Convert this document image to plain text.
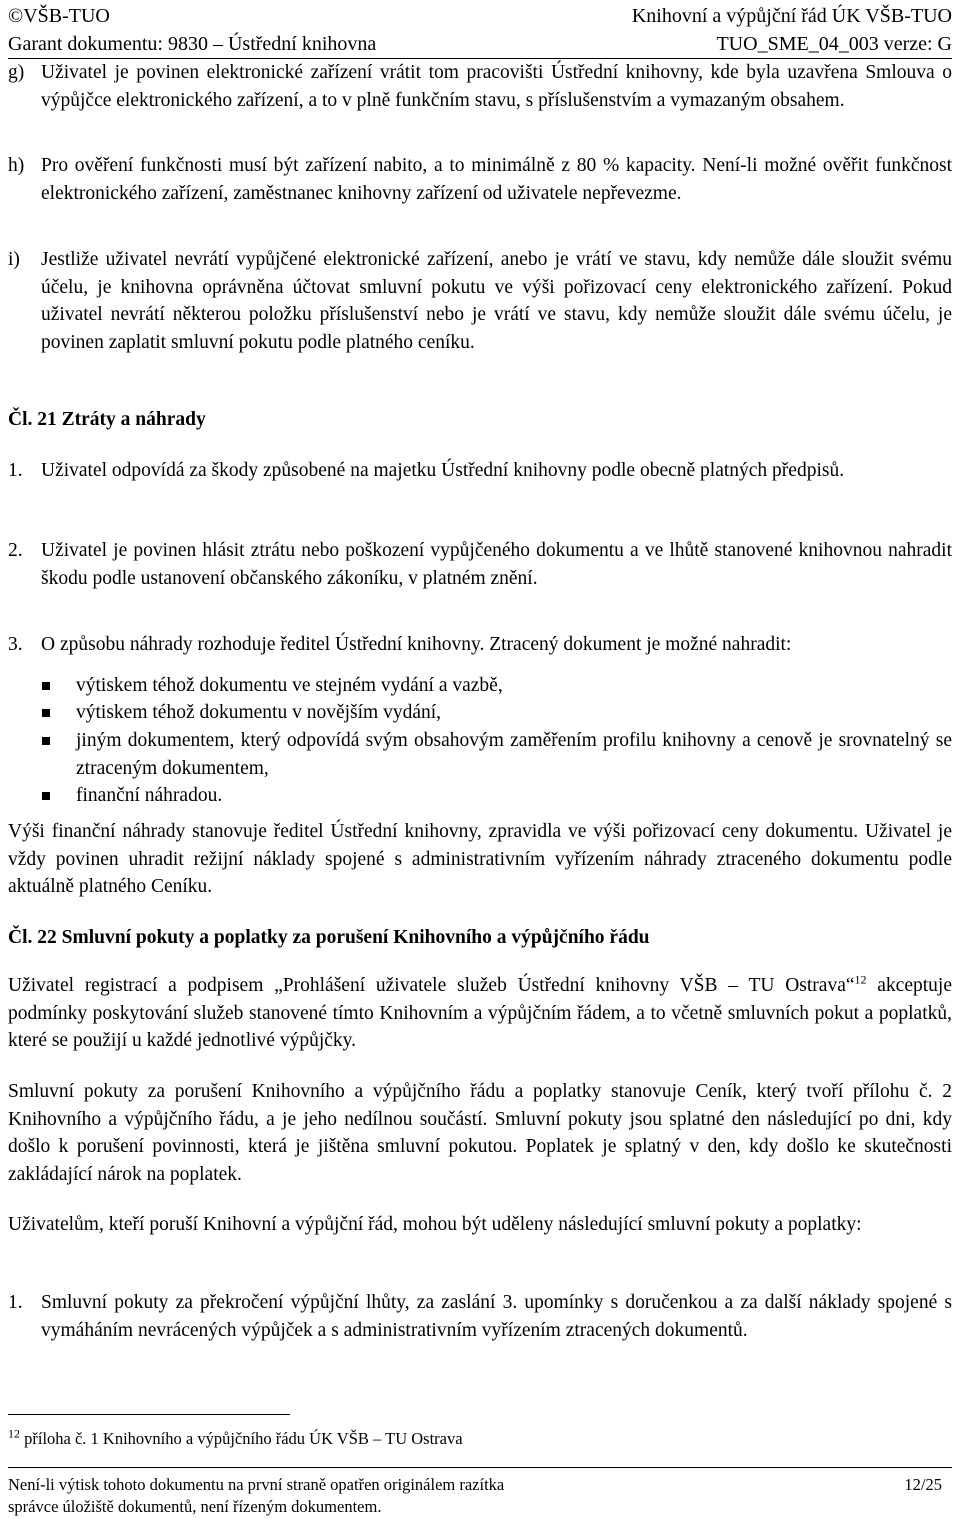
©VŠB-TUO	Knihovní a výpůjční řád ÚK VŠB-TUO
Garant dokumentu: 9830 – Ústřední knihovna	TUO_SME_04_003 verze: G
g) Uživatel je povinen elektronické zařízení vrátit tom pracovišti Ústřední knihovny, kde byla uzavřena Smlouva o výpůjčce elektronického zařízení, a to v plně funkčním stavu, s příslušenstvím a vymazaným obsahem.
h) Pro ověření funkčnosti musí být zařízení nabito, a to minimálně z 80 % kapacity. Není-li možné ověřit funkčnost elektronického zařízení, zaměstnanec knihovny zařízení od uživatele nepřevezme.
i) Jestliže uživatel nevrátí vypůjčené elektronické zařízení, anebo je vrátí ve stavu, kdy nemůže dále sloužit svému účelu, je knihovna oprávněna účtovat smluvní pokutu ve výši pořizovací ceny elektronického zařízení. Pokud uživatel nevrátí některou položku příslušenství nebo je vrátí ve stavu, kdy nemůže sloužit dále svému účelu, je povinen zaplatit smluvní pokutu podle platného ceníku.
Čl. 21 Ztráty a náhrady
1. Uživatel odpovídá za škody způsobené na majetku Ústřední knihovny podle obecně platných předpisů.
2. Uživatel je povinen hlásit ztrátu nebo poškození vypůjčeného dokumentu a ve lhůtě stanovené knihovnou nahradit škodu podle ustanovení občanského zákoníku, v platném znění.
3. O způsobu náhrady rozhoduje ředitel Ústřední knihovny. Ztracený dokument je možné nahradit:
výtiskem téhož dokumentu ve stejném vydání a vazbě,
výtiskem téhož dokumentu v novějším vydání,
jiným dokumentem, který odpovídá svým obsahovým zaměřením profilu knihovny a cenově je srovnatelný se ztraceným dokumentem,
finanční náhradou.
Výši finanční náhrady stanovuje ředitel Ústřední knihovny, zpravidla ve výši pořizovací ceny dokumentu. Uživatel je vždy povinen uhradit režijní náklady spojené s administrativním vyřízením náhrady ztraceného dokumentu podle aktuálně platného Ceníku.
Čl. 22 Smluvní pokuty a poplatky za porušení Knihovního a výpůjčního řádu
Uživatel registrací a podpisem „Prohlášení uživatele služeb Ústřední knihovny VŠB – TU Ostrava“$^{12}$ akceptuje podmínky poskytování služeb stanovené tímto Knihovním a výpůjčním řádem, a to včetně smluvních pokut a poplatků, které se použijí u každé jednotlivé výpůjčky.
Smluvní pokuty za porušení Knihovního a výpůjčního řádu a poplatky stanovuje Ceník, který tvoří přílohu č. 2 Knihovního a výpůjčního řádu, a je jeho nedílnou součástí. Smluvní pokuty jsou splatné den následující po dni, kdy došlo k porušení povinnosti, která je jištěna smluvní pokutou. Poplatek je splatný v den, kdy došlo ke skutečnosti zakládající nárok na poplatek.
Uživatelům, kteří poruší Knihovní a výpůjční řád, mohou být uděleny následující smluvní pokuty a poplatky:
1. Smluvní pokuty za překročení výpůjční lhůty, za zaslání 3. upomínky s doručenkou a za další náklady spojené s vymáháním nevrácených výpůjček a s administrativním vyřízením ztracených dokumentů.
$^{12}$ příloha č. 1 Knihovního a výpůjčního řádu ÚK VŠB – TU Ostrava
Není-li výtisk tohoto dokumentu na první straně opatřen originálem razítka	12/25
správce úložiště dokumentů, není řízeným dokumentem.
